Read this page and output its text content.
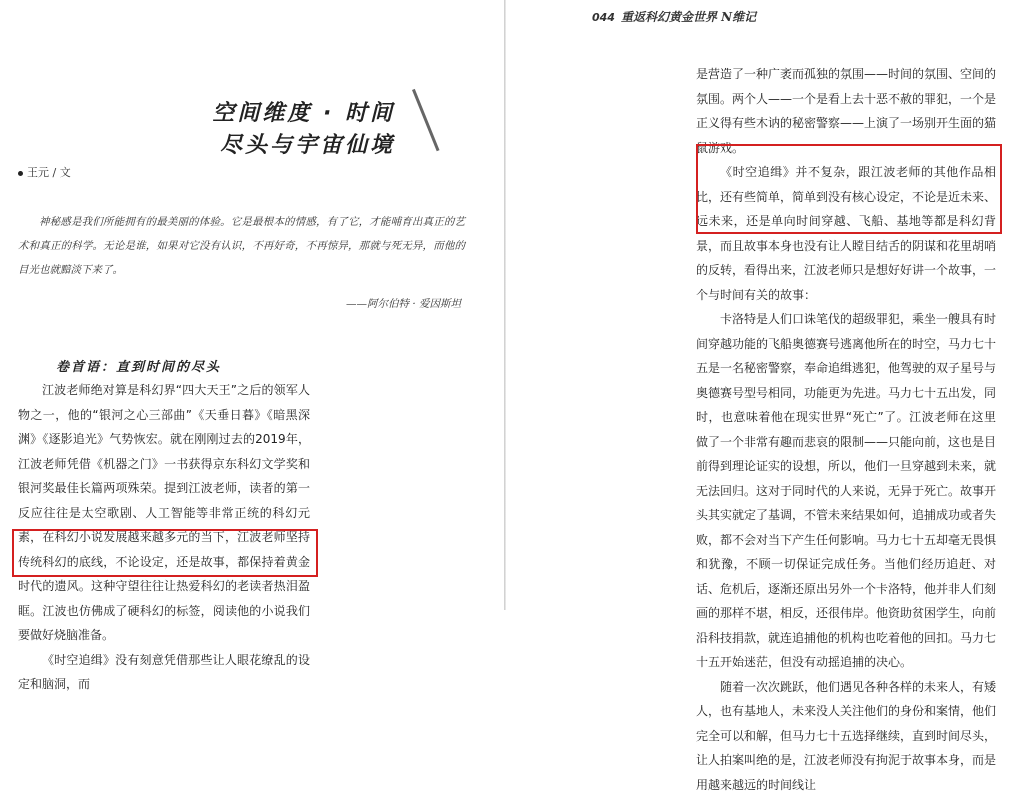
空间维度 · 时间
尽头与宇宙仙境
王元 / 文
神秘感是我们所能拥有的最美丽的体验。它是最根本的情感，有了它，才能哺育出真正的艺术和真正的科学。无论是谁，如果对它没有认识，不再好奇，不再惊异，那就与死无异，而他的目光也就黯淡下来了。
——阿尔伯特 · 爱因斯坦
卷首语：直到时间的尽头

江波老师绝对算是科幻界“四大天王”之后的领军人物之一，他的“银河之心三部曲”《天垂日暮》《暗黑深渊》《逐影追光》气势恢宏。就在刚刚过去的2019年，江波老师凭借《机器之门》一书获得京东科幻文学奖和银河奖最佳长篇两项殊荣。提到江波老师，读者的第一反应往往是太空歌剧、人工智能等非常正统的科幻元素，在科幻小说发展越来越多元的当下，江波老师坚持传统科幻的底线，不论设定，还是故事，都保持着黄金时代的遗风。这种守望往往让热爱科幻的老读者热泪盈眶。江波也仿佛成了硬科幻的标签，阅读他的小说我们要做好烧脑准备。

《时空追缉》没有刻意凭借那些让人眼花缭乱的设定和脑洞，而

044 重返科幻黄金世界 N维记

是营造了一种广袤而孤独的氛围——时间的氛围、空间的氛围。两个人——一个是看上去十恶不赦的罪犯，一个是正义得有些木讷的秘密警察——上演了一场别开生面的猫鼠游戏。

《时空追缉》并不复杂，跟江波老师的其他作品相比，还有些简单，简单到没有核心设定，不论是近未来、远未来，还是单向时间穿越、飞船、基地等都是科幻背景，而且故事本身也没有让人瞠目结舌的阴谋和花里胡哨的反转，看得出来，江波老师只是想好好讲一个故事，一个与时间有关的故事：

卡洛特是人们口诛笔伐的超级罪犯，乘坐一艘具有时间穿越功能的飞船奥德赛号逃离他所在的时空，马力七十五是一名秘密警察，奉命追缉逃犯，他驾驶的双子星号与奥德赛号型号相同，功能更为先进。马力七十五出发，同时，也意味着他在现实世界“死亡”了。江波老师在这里做了一个非常有趣而悲哀的限制——只能向前，这也是目前得到理论证实的设想，所以，他们一旦穿越到未来，就无法回归。这对于同时代的人来说，无异于死亡。故事开头其实就定了基调，不管未来结果如何，追捕成功或者失败，都不会对当下产生任何影响。马力七十五却毫无畏惧和犹豫，不顾一切保证完成任务。当他们经历追赶、对话、危机后，逐渐还原出另外一个卡洛特，他并非人们刻画的那样不堪，相反，还很伟岸。他资助贫困学生，向前沿科技捐款，就连追捕他的机构也吃着他的回扣。马力七十五开始迷茫，但没有动摇追捕的决心。

随着一次次跳跃，他们遇见各种各样的未来人，有矮人，也有基地人，未来没人关注他们的身份和案情，他们完全可以和解，但马力七十五选择继续，直到时间尽头，让人拍案叫绝的是，江波老师没有拘泥于故事本身，而是用越来越远的时间线让
